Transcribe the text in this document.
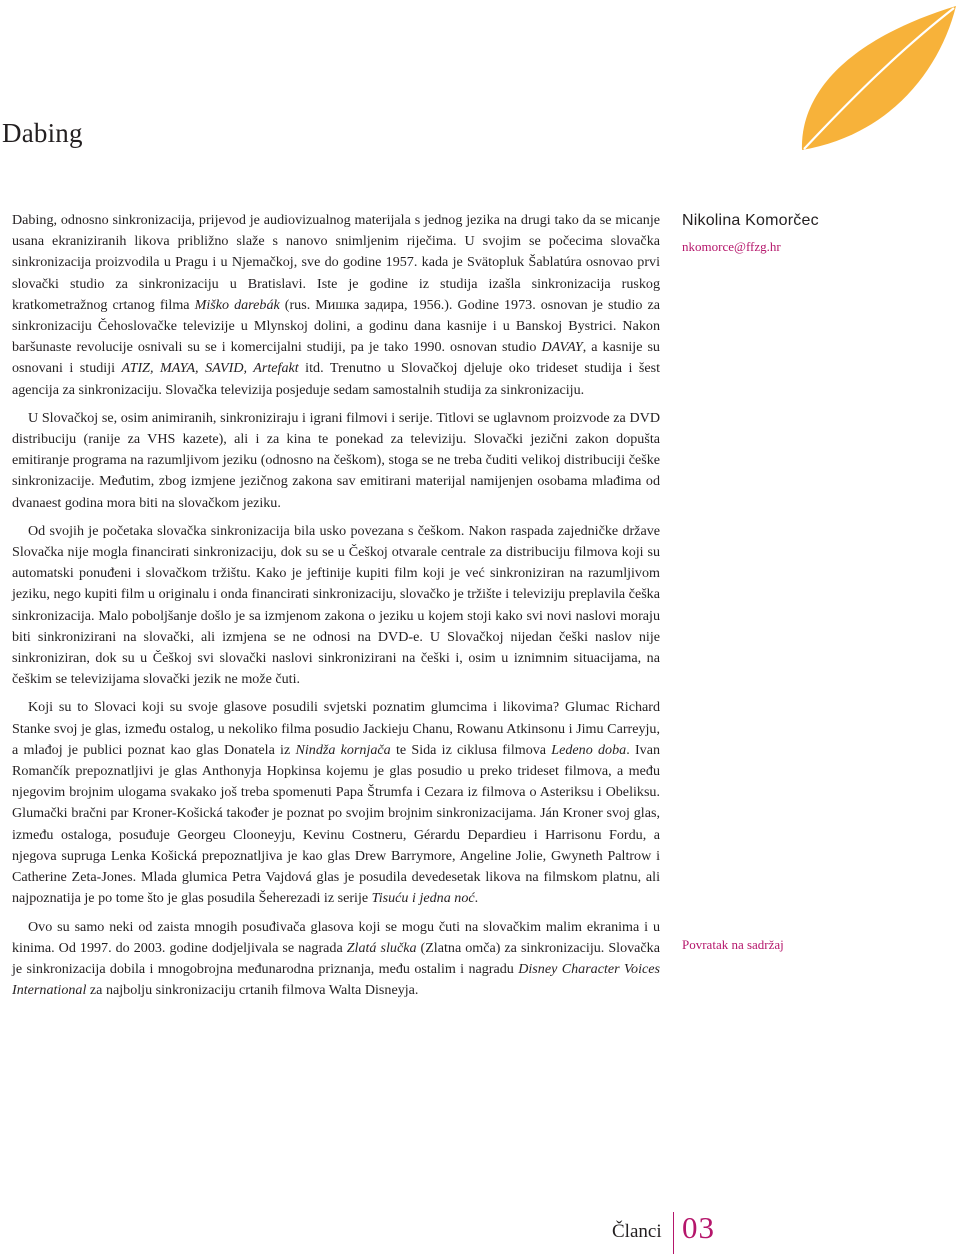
Dabing

Dabing, odnosno sinkronizacija, prijevod je audiovizualnog materijala s jednog jezika na drugi tako da se micanje usana ekraniziranih likova približno slaže s nanovo snimljenim riječima. U svojim se počecima slovačka sinkronizacija proizvodila u Pragu i u Njemačkoj, sve do godine 1957. kada je Svätopluk Šablatúra osnovao prvi slovački studio za sinkronizaciju u Bratislavi. Iste je godine iz studija izašla sinkronizacija ruskog kratkometražnog crtanog filma Miško darebák (rus. Мишка задира, 1956.). Godine 1973. osnovan je studio za sinkronizaciju Čehoslovačke televizije u Mlynskoj dolini, a godinu dana kasnije i u Banskoj Bystrici. Nakon baršunaste revolucije osnivali su se i komercijalni studiji, pa je tako 1990. osnovan studio DAVAY, a kasnije su osnovani i studiji ATIZ, MAYA, SAVID, Artefakt itd. Trenutno u Slovačkoj djeluje oko trideset studija i šest agencija za sinkronizaciju. Slovačka televizija posjeduje sedam samostalnih studija za sinkronizaciju.

U Slovačkoj se, osim animiranih, sinkroniziraju i igrani filmovi i serije. Titlovi se uglavnom proizvode za DVD distribuciju (ranije za VHS kazete), ali i za kina te ponekad za televiziju. Slovački jezični zakon dopušta emitiranje programa na razumljivom jeziku (odnosno na češkom), stoga se ne treba čuditi velikoj distribuciji češke sinkronizacije. Međutim, zbog izmjene jezičnog zakona sav emitirani materijal namijenjen osobama mlađima od dvanaest godina mora biti na slovačkom jeziku.

Od svojih je početaka slovačka sinkronizacija bila usko povezana s češkom. Nakon raspada zajedničke države Slovačka nije mogla financirati sinkronizaciju, dok su se u Češkoj otvarale centrale za distribuciju filmova koji su automatski ponuđeni i slovačkom tržištu. Kako je jeftinije kupiti film koji je već sinkroniziran na razumljivom jeziku, nego kupiti film u originalu i onda financirati sinkronizaciju, slovačko je tržište i televiziju preplavila češka sinkronizacija. Malo poboljšanje došlo je sa izmjenom zakona o jeziku u kojem stoji kako svi novi naslovi moraju biti sinkronizirani na slovački, ali izmjena se ne odnosi na DVD-e. U Slovačkoj nijedan češki naslov nije sinkroniziran, dok su u Češkoj svi slovački naslovi sinkronizirani na češki i, osim u iznimnim situacijama, na češkim se televizijama slovački jezik ne može čuti.

Koji su to Slovaci koji su svoje glasove posudili svjetski poznatim glumcima i likovima? Glumac Richard Stanke svoj je glas, između ostalog, u nekoliko filma posudio Jackieju Chanu, Rowanu Atkinsonu i Jimu Carreyju, a mlađoj je publici poznat kao glas Donatela iz Nindža kornjača te Sida iz ciklusa filmova Ledeno doba. Ivan Romančík prepoznatljivi je glas Anthonyja Hopkinsa kojemu je glas posudio u preko trideset filmova, a među njegovim brojnim ulogama svakako još treba spomenuti Papa Štrumfa i Cezara iz filmova o Asteriksu i Obeliksu. Glumački bračni par Kroner-Košická također je poznat po svojim brojnim sinkronizacijama. Ján Kroner svoj glas, između ostaloga, posuđuje Georgeu Clooneyju, Kevinu Costneru, Gérardu Depardieu i Harrisonu Fordu, a njegova supruga Lenka Košická prepoznatljiva je kao glas Drew Barrymore, Angeline Jolie, Gwyneth Paltrow i Catherine Zeta-Jones. Mlada glumica Petra Vajdová glas je posudila devedesetak likova na filmskom platnu, ali najpoznatija je po tome što je glas posudila Šeherezadi iz serije Tisuću i jedna noć.

Ovo su samo neki od zaista mnogih posuđivača glasova koji se mogu čuti na slovačkim malim ekranima i u kinima. Od 1997. do 2003. godine dodjeljivala se nagrada Zlatá slučka (Zlatna omča) za sinkronizaciju. Slovačka je sinkronizacija dobila i mnogobrojna međunarodna priznanja, među ostalim i nagradu Disney Character Voices International za najbolju sinkronizaciju crtanih filmova Walta Disneyja.

Nikolina Komorčec
nkomorce@ffzg.hr
Povratak na sadržaj
Članci 03
